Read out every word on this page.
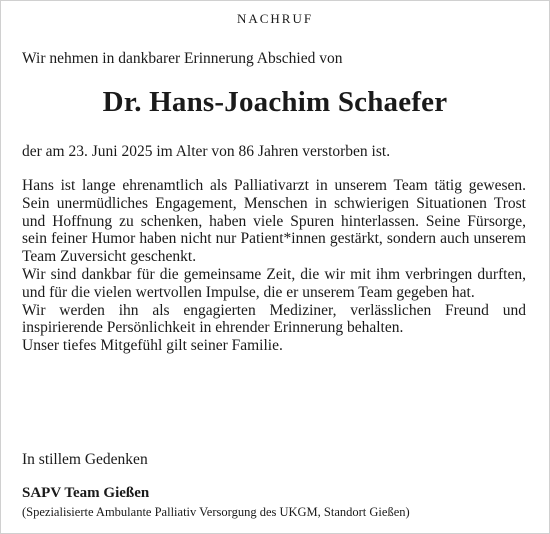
NACHRUF
Wir nehmen in dankbarer Erinnerung Abschied von
Dr. Hans-Joachim Schaefer
der am 23. Juni 2025 im Alter von 86 Jahren verstorben ist.

Hans ist lange ehrenamtlich als Palliativarzt in unserem Team tätig gewesen. Sein unermüdliches Engagement, Menschen in schwierigen Situationen Trost und Hoffnung zu schenken, haben viele Spuren hinterlassen. Seine Fürsorge, sein feiner Humor haben nicht nur Patient*innen gestärkt, sondern auch unserem Team Zuversicht geschenkt.

Wir sind dankbar für die gemeinsame Zeit, die wir mit ihm verbringen durften, und für die vielen wertvollen Impulse, die er unserem Team gegeben hat.

Wir werden ihn als engagierten Mediziner, verlässlichen Freund und inspirierende Persönlichkeit in ehrender Erinnerung behalten.

Unser tiefes Mitgefühl gilt seiner Familie.

In stillem Gedenken
SAPV Team Gießen
(Spezialisierte Ambulante Palliativ Versorgung des UKGM, Standort Gießen)
